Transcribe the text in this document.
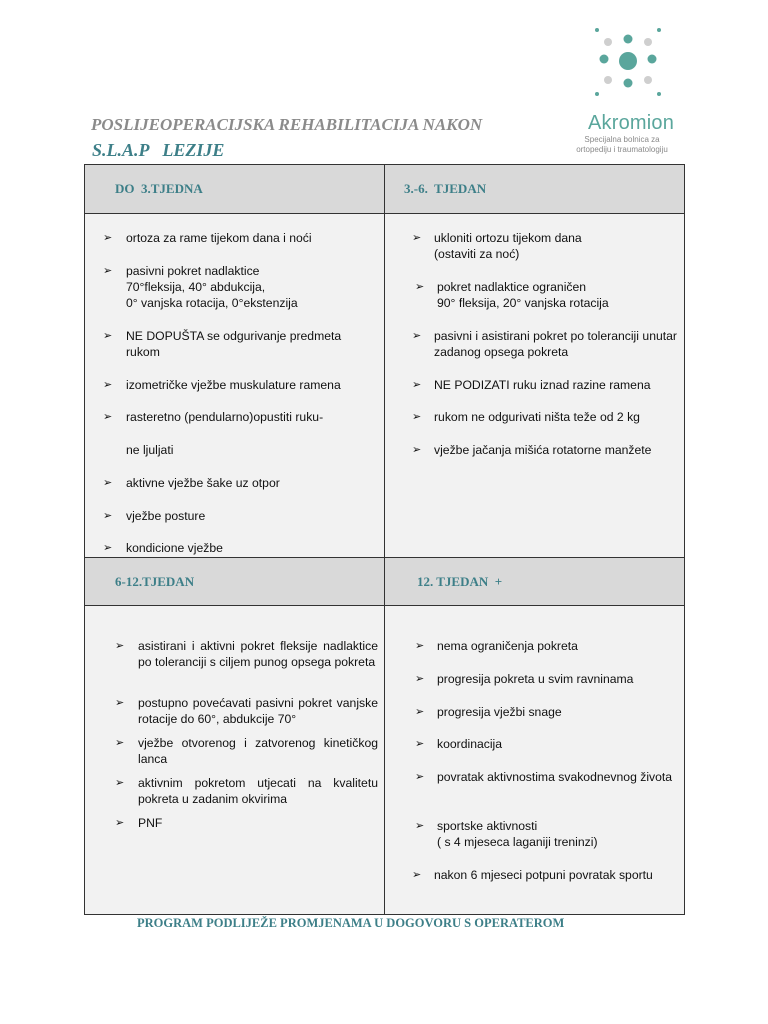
Akromion
Specijalna bolnica za ortopediju i traumatologiju
POSLIJEOPERACIJSKA REHABILITACIJA NAKON
S.L.A.P   LEZIJE
DO  3.TJEDNA	3.-6.  TJEDAN
6-12.TJEDAN	12. TJEDAN  +
➢ ortoza za rame tijekom dana i noći
➢ pasivni pokret nadlaktice
70°fleksija, 40° abdukcija,
0° vanjska rotacija, 0°ekstenzija
➢ NE DOPUŠTA se odgurivanje predmeta
rukom
➢ izometričke vježbe muskulature ramena
➢ rasteretno (pendularno)opustiti ruku-
ne ljuljati
➢ aktivne vježbe šake uz otpor
➢ vježbe posture
➢ kondicione vježbe
➢ ukloniti ortozu tijekom dana
(ostaviti za noć)
➢ pokret nadlaktice ograničen
90° fleksija, 20° vanjska rotacija
➢ pasivni i asistirani pokret po toleranciji unutar zadanog opsega pokreta
➢ NE PODIZATI ruku iznad razine ramena
➢ rukom ne odgurivati ništa teže od 2 kg
➢ vježbe jačanja mišića rotatorne manžete
➢ asistirani i aktivni pokret fleksije nadlaktice po toleranciji s ciljem punog opsega pokreta
➢ postupno povećavati pasivni pokret vanjske rotacije do 60°, abdukcije 70°
➢ vježbe otvorenog i zatvorenog kinetičkog lanca
➢ aktivnim pokretom utjecati na kvalitetu pokreta u zadanim okvirima
➢ PNF
➢ nema ograničenja pokreta
➢ progresija pokreta u svim ravninama
➢ progresija vježbi snage
➢ koordinacija
➢ povratak aktivnostima svakodnevnog života
➢ sportske aktivnosti
( s 4 mjeseca laganiji treninzi)
➢ nakon 6 mjeseci potpuni povratak sportu
PROGRAM PODLIJEŽE PROMJENAMA U DOGOVORU S OPERATEROM
